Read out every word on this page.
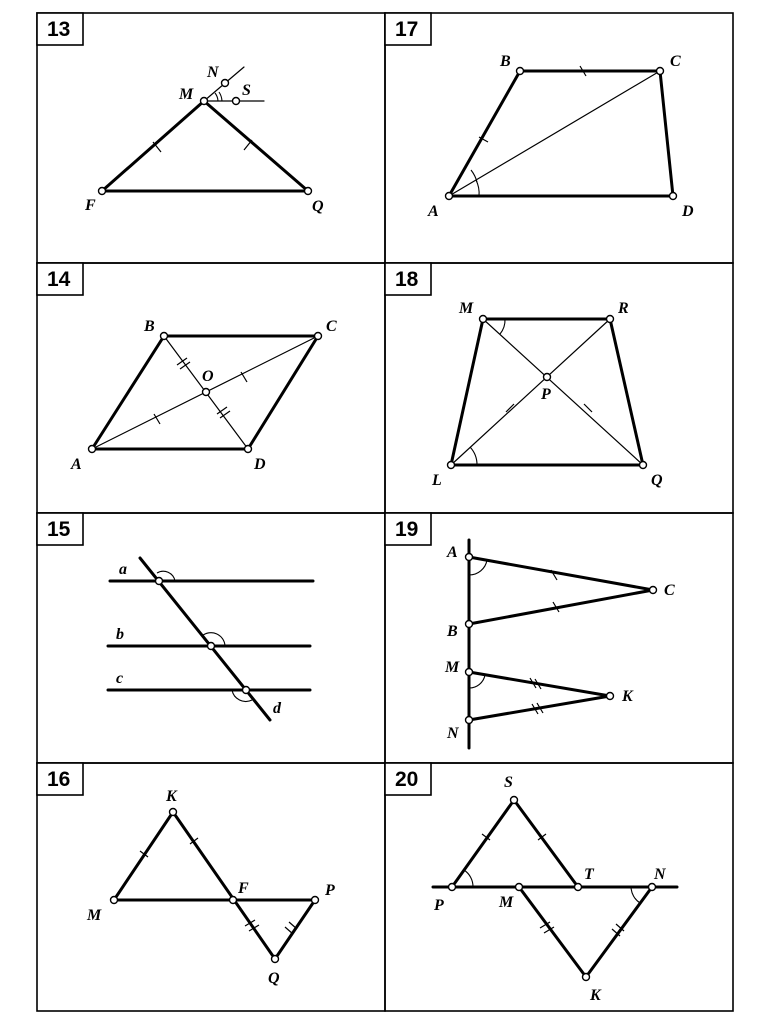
13	17
14	18
15	19
16	20
N
S
M
F	Q
B	C
A	D
B	C
O
A	D
M	R
P
L	Q
a
b
c
d
A
C
B
M
K
N
K
F	P
M
Q
S
T	N
P	M
K
